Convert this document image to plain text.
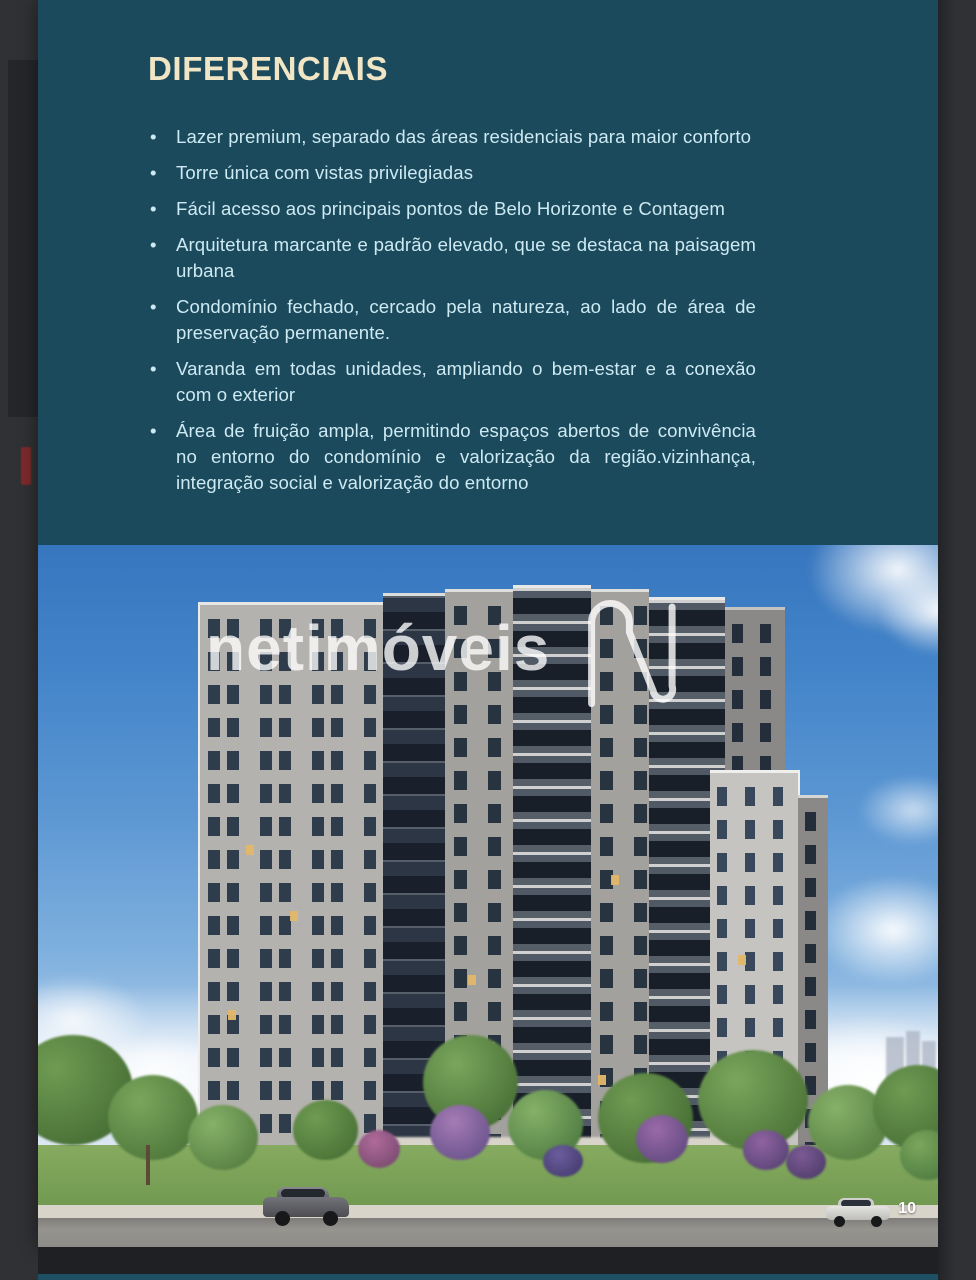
DIFERENCIAIS
• Lazer premium, separado das áreas residenciais para maior conforto
• Torre única com vistas privilegiadas
• Fácil acesso aos principais pontos de Belo Horizonte e Contagem
• Arquitetura marcante e padrão elevado, que se destaca na paisagem urbana
• Condomínio fechado, cercado pela natureza, ao lado de área de preservação permanente.
• Varanda em todas unidades, ampliando o bem-estar e a conexão com o exterior
• Área de fruição ampla, permitindo espaços abertos de convivência no entorno do condomínio e valorização da região.vizinhança, integração social e valorização do entorno
netimóveis
10
